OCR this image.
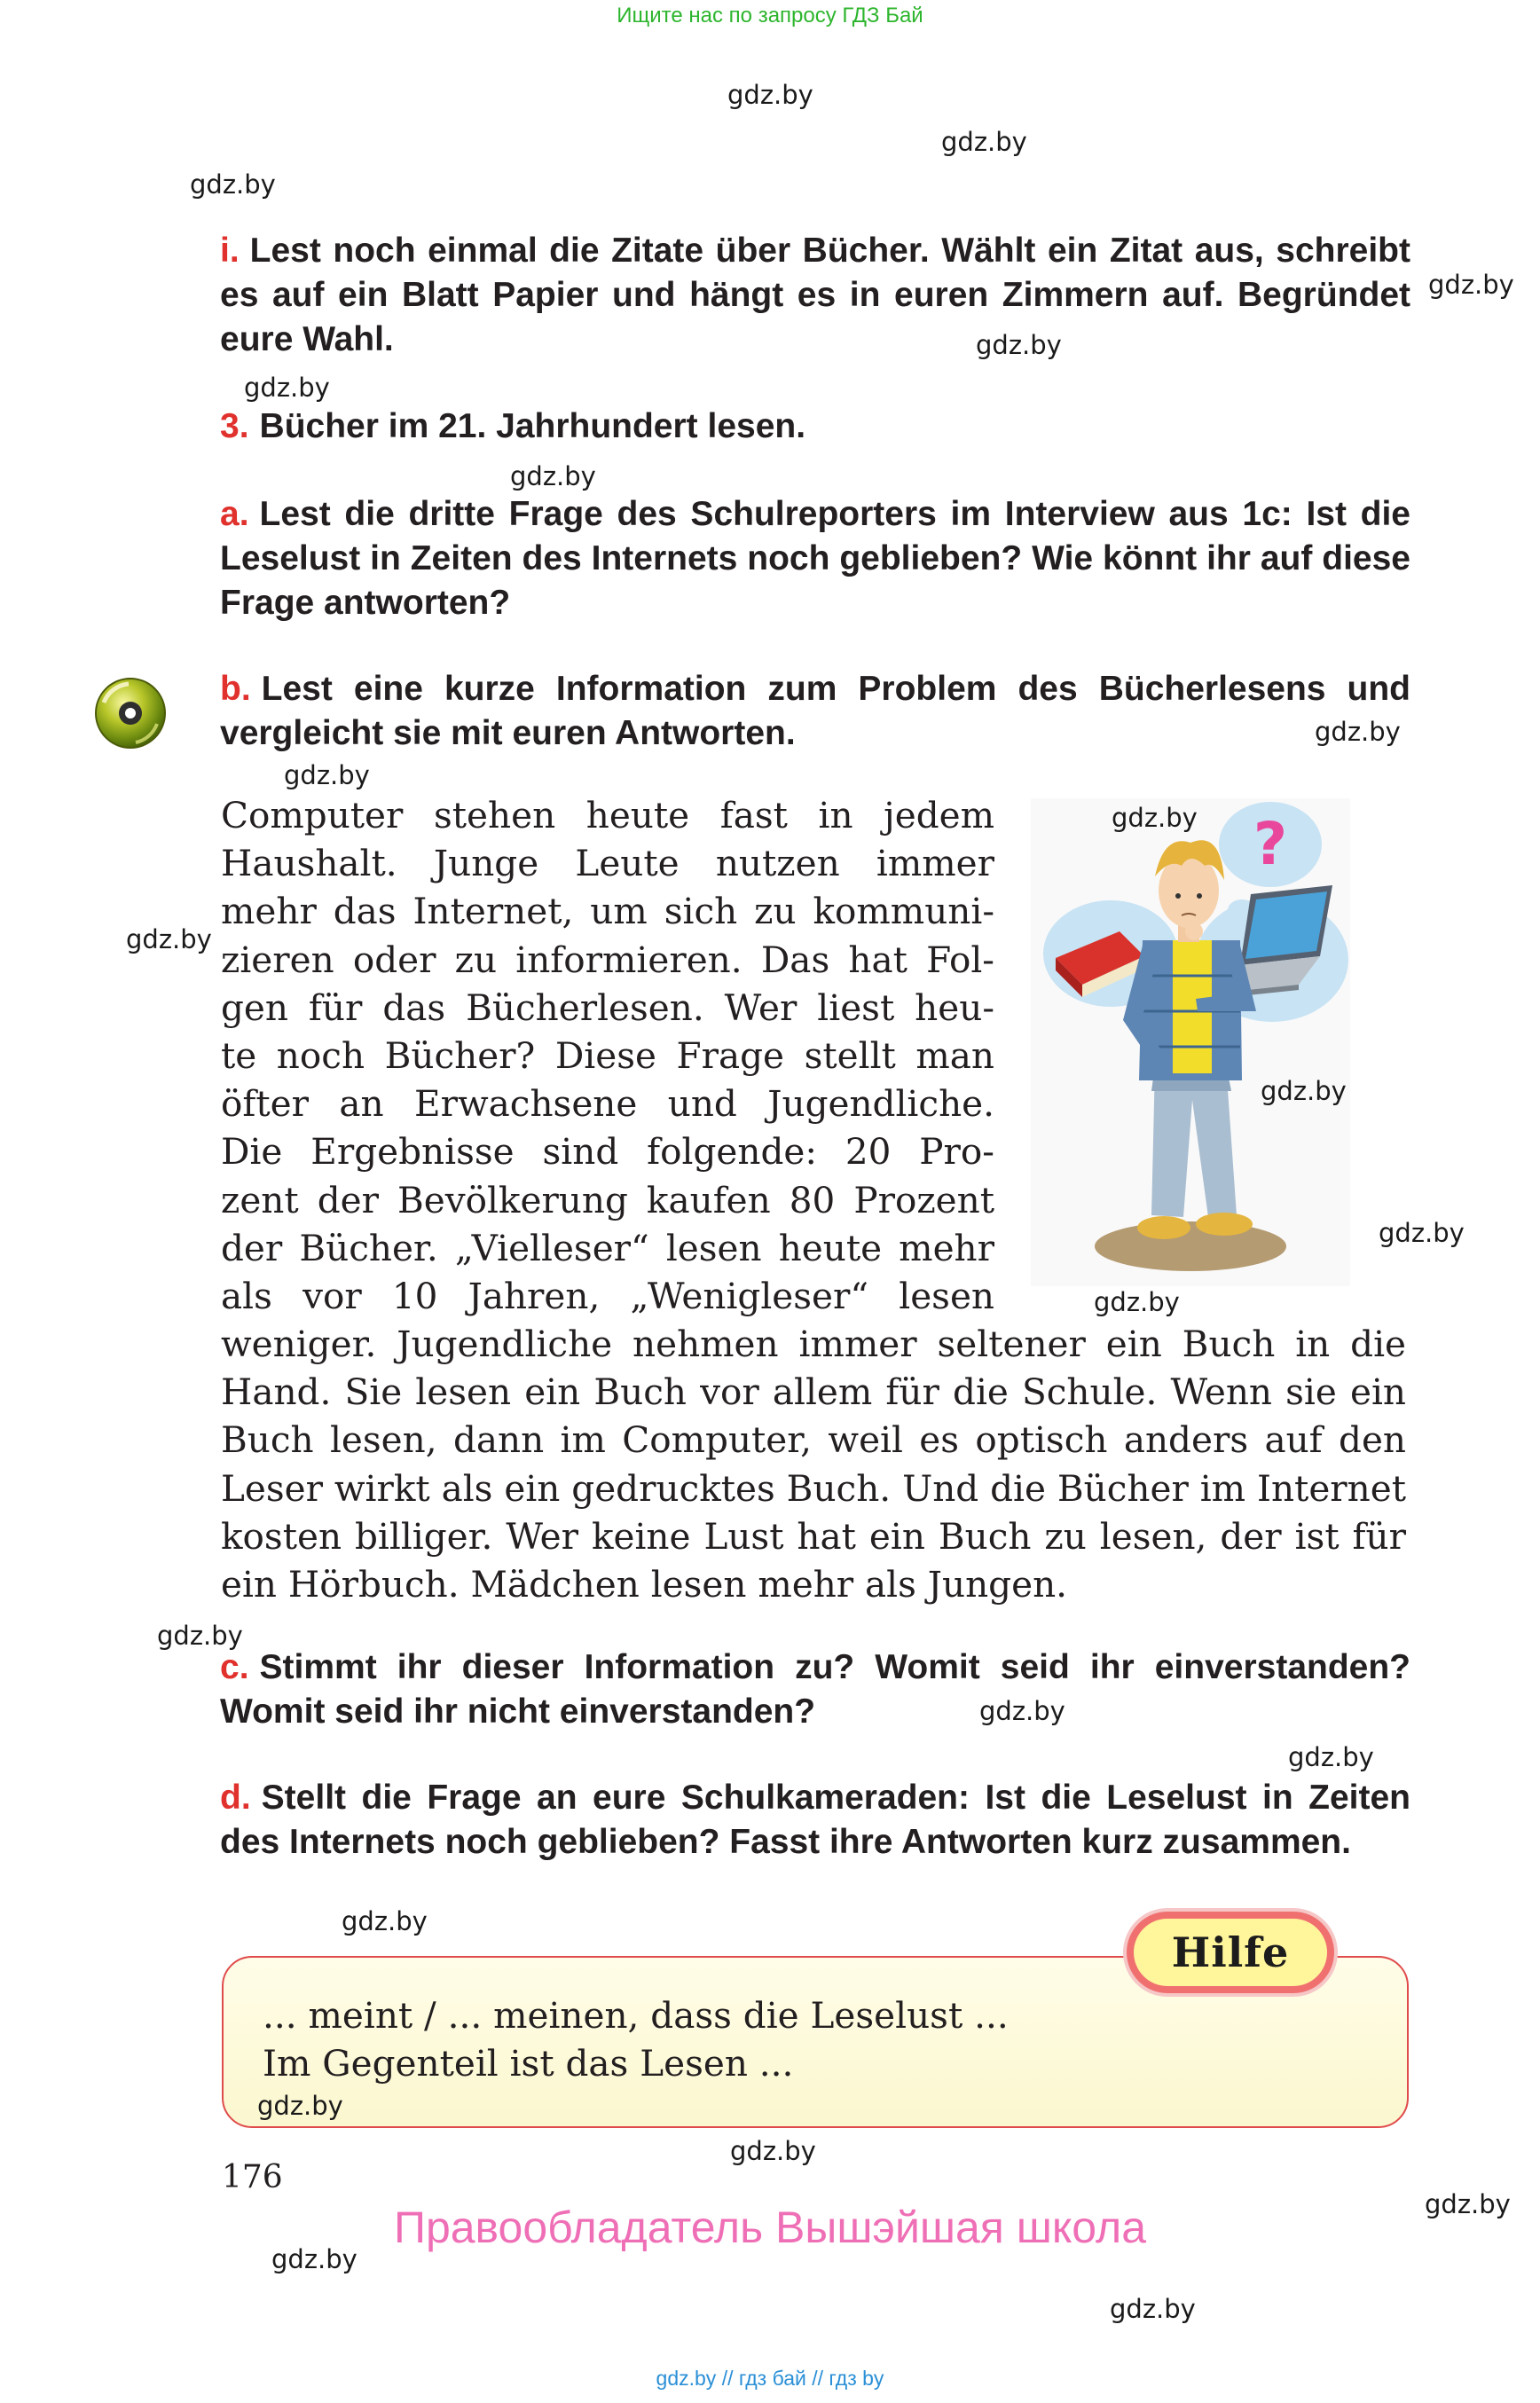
Ищите нас по запросу ГДЗ Бай
i. Lest noch einmal die Zitate über Bücher. Wählt ein Zitat aus, schreibt es auf ein Blatt Papier und hängt es in euren Zimmern auf. Begründet eure Wahl.
3. Bücher im 21. Jahrhundert lesen.
a. Lest die dritte Frage des Schulreporters im Interview aus 1c: Ist die Leselust in Zeiten des Internets noch geblieben? Wie könnt ihr auf diese Frage antworten?
b. Lest eine kurze Information zum Problem des Bücherlesens und vergleicht sie mit euren Antworten.
Computer stehen heute fast in jedem
Haushalt. Junge Leute nutzen immer
mehr das Internet, um sich zu kommuni-
zieren oder zu informieren. Das hat Fol-
gen für das Bücherlesen. Wer liest heu-
te noch Bücher? Diese Frage stellt man
öfter an Erwachsene und Jugendliche.
Die Ergebnisse sind folgende: 20 Pro-
zent der Bevölkerung kaufen 80 Prozent
der Bücher. „Vielleser“ lesen heute mehr
als vor 10 Jahren, „Wenigleser“ lesen
weniger. Jugendliche nehmen immer seltener ein Buch in die Hand. Sie lesen ein Buch vor allem für die Schule. Wenn sie ein Buch lesen, dann im Computer, weil es optisch anders auf den Leser wirkt als ein gedrucktes Buch. Und die Bücher im Internet kosten billiger. Wer keine Lust hat ein Buch zu lesen, der ist für ein Hörbuch. Mädchen lesen mehr als Jungen.
?
c. Stimmt ihr dieser Information zu? Womit seid ihr einverstanden? Womit seid ihr nicht einverstanden?
d. Stellt die Frage an eure Schulkameraden: Ist die Leselust in Zeiten des Internets noch geblieben? Fasst ihre Antworten kurz zusammen.
Hilfe
... meint / ... meinen, dass die Leselust ...
Im Gegenteil ist das Lesen ...
176
Правообладатель Вышэйшая школа
gdz.by // гдз бай // гдз by
gdz.by
gdz.by
gdz.by
gdz.by
gdz.by
gdz.by
gdz.by
gdz.by
gdz.by
gdz.by
gdz.by
gdz.by
gdz.by
gdz.by
gdz.by
gdz.by
gdz.by
gdz.by
gdz.by
gdz.by
gdz.by
gdz.by
gdz.by
